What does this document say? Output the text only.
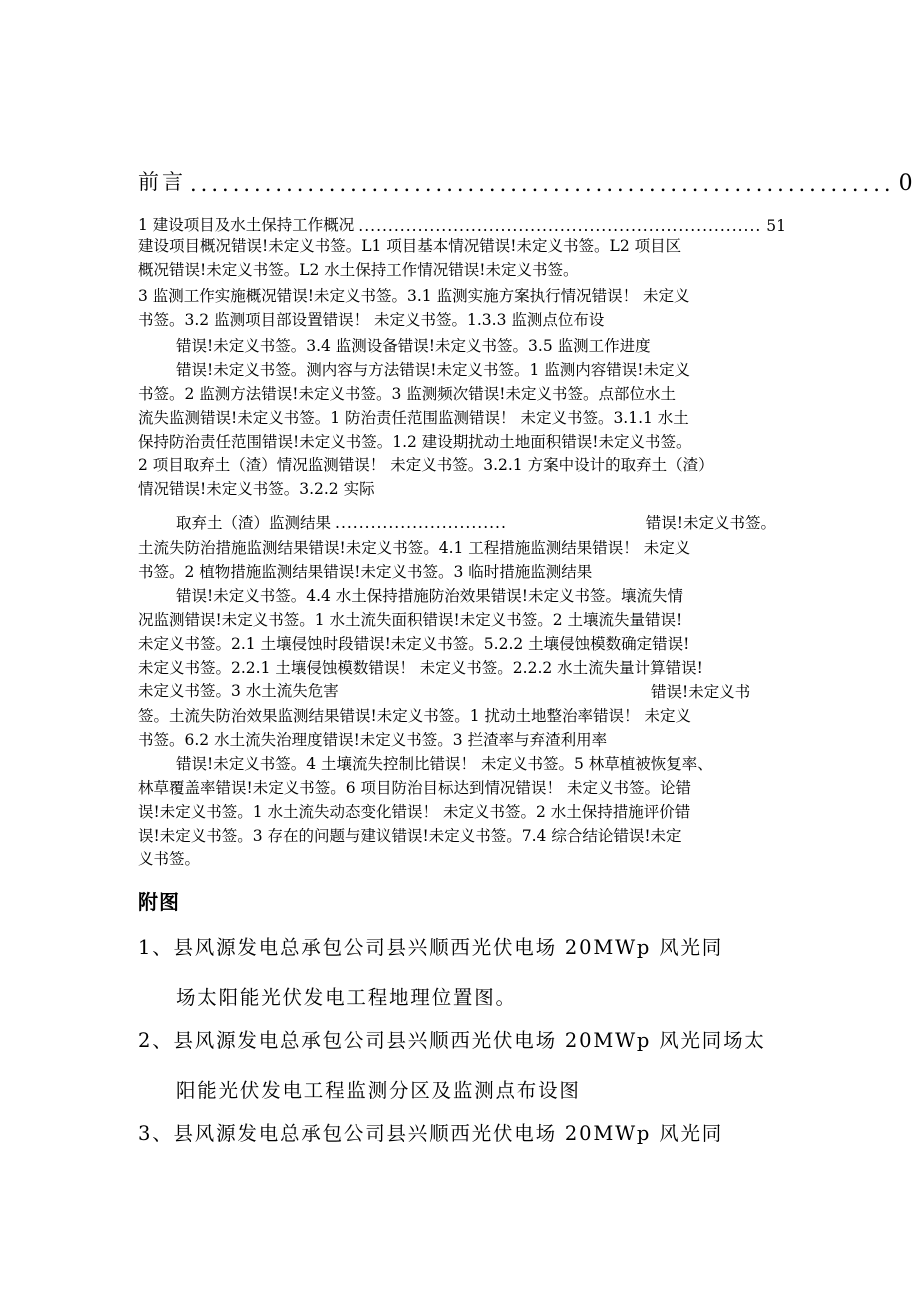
前言 .................................................................. 0
1 建设项目及水土保持工作概况 .................................................................... 51
建设项目概况错误!未定义书签。L1 项目基本情况错误!未定义书签。L2 项目区
概况错误!未定义书签。L2 水土保持工作情况错误!未定义书签。
3 监测工作实施概况错误!未定义书签。3.1 监测实施方案执行情况错误！ 未定义
书签。3.2 监测项目部设置错误！ 未定义书签。1.3.3 监测点位布设
错误!未定义书签。3.4 监测设备错误!未定义书签。3.5 监测工作进度
错误!未定义书签。测内容与方法错误!未定义书签。1 监测内容错误!未定义
书签。2 监测方法错误!未定义书签。3 监测频次错误!未定义书签。点部位水土
流失监测错误!未定义书签。1 防治责任范围监测错误！ 未定义书签。3.1.1 水土
保持防治责任范围错误!未定义书签。1.2 建设期扰动土地面积错误!未定义书签。
2 项目取弃土（渣）情况监测错误！ 未定义书签。3.2.1 方案中设计的取弃土（渣）
情况错误!未定义书签。3.2.2 实际
取弃土（渣）监测结果 .............................	错误!未定义书签。
土流失防治措施监测结果错误!未定义书签。4.1 工程措施监测结果错误！ 未定义
书签。2 植物措施监测结果错误!未定义书签。3 临时措施监测结果
错误!未定义书签。4.4 水土保持措施防治效果错误!未定义书签。壤流失情
况监测错误!未定义书签。1 水土流失面积错误!未定义书签。2 土壤流失量错误!
未定义书签。2.1 土壤侵蚀时段错误!未定义书签。5.2.2 土壤侵蚀模数确定错误!
未定义书签。2.2.1 土壤侵蚀模数错误！ 未定义书签。2.2.2 水土流失量计算错误!
未定义书签。3 水土流失危害	错误!未定义书
签。土流失防治效果监测结果错误!未定义书签。1 扰动土地整治率错误！ 未定义
书签。6.2 水土流失治理度错误!未定义书签。3 拦渣率与弃渣利用率
错误!未定义书签。4 土壤流失控制比错误！ 未定义书签。5 林草植被恢复率、
林草覆盖率错误!未定义书签。6 项目防治目标达到情况错误！ 未定义书签。论错
误!未定义书签。1 水土流失动态变化错误！ 未定义书签。2 水土保持措施评价错
误!未定义书签。3 存在的问题与建议错误!未定义书签。7.4 综合结论错误!未定
义书签。
附图
1、县风源发电总承包公司县兴顺西光伏电场 20MWp 风光同
场太阳能光伏发电工程地理位置图。
2、县风源发电总承包公司县兴顺西光伏电场 20MWp 风光同场太
阳能光伏发电工程监测分区及监测点布设图
3、县风源发电总承包公司县兴顺西光伏电场 20MWp 风光同
